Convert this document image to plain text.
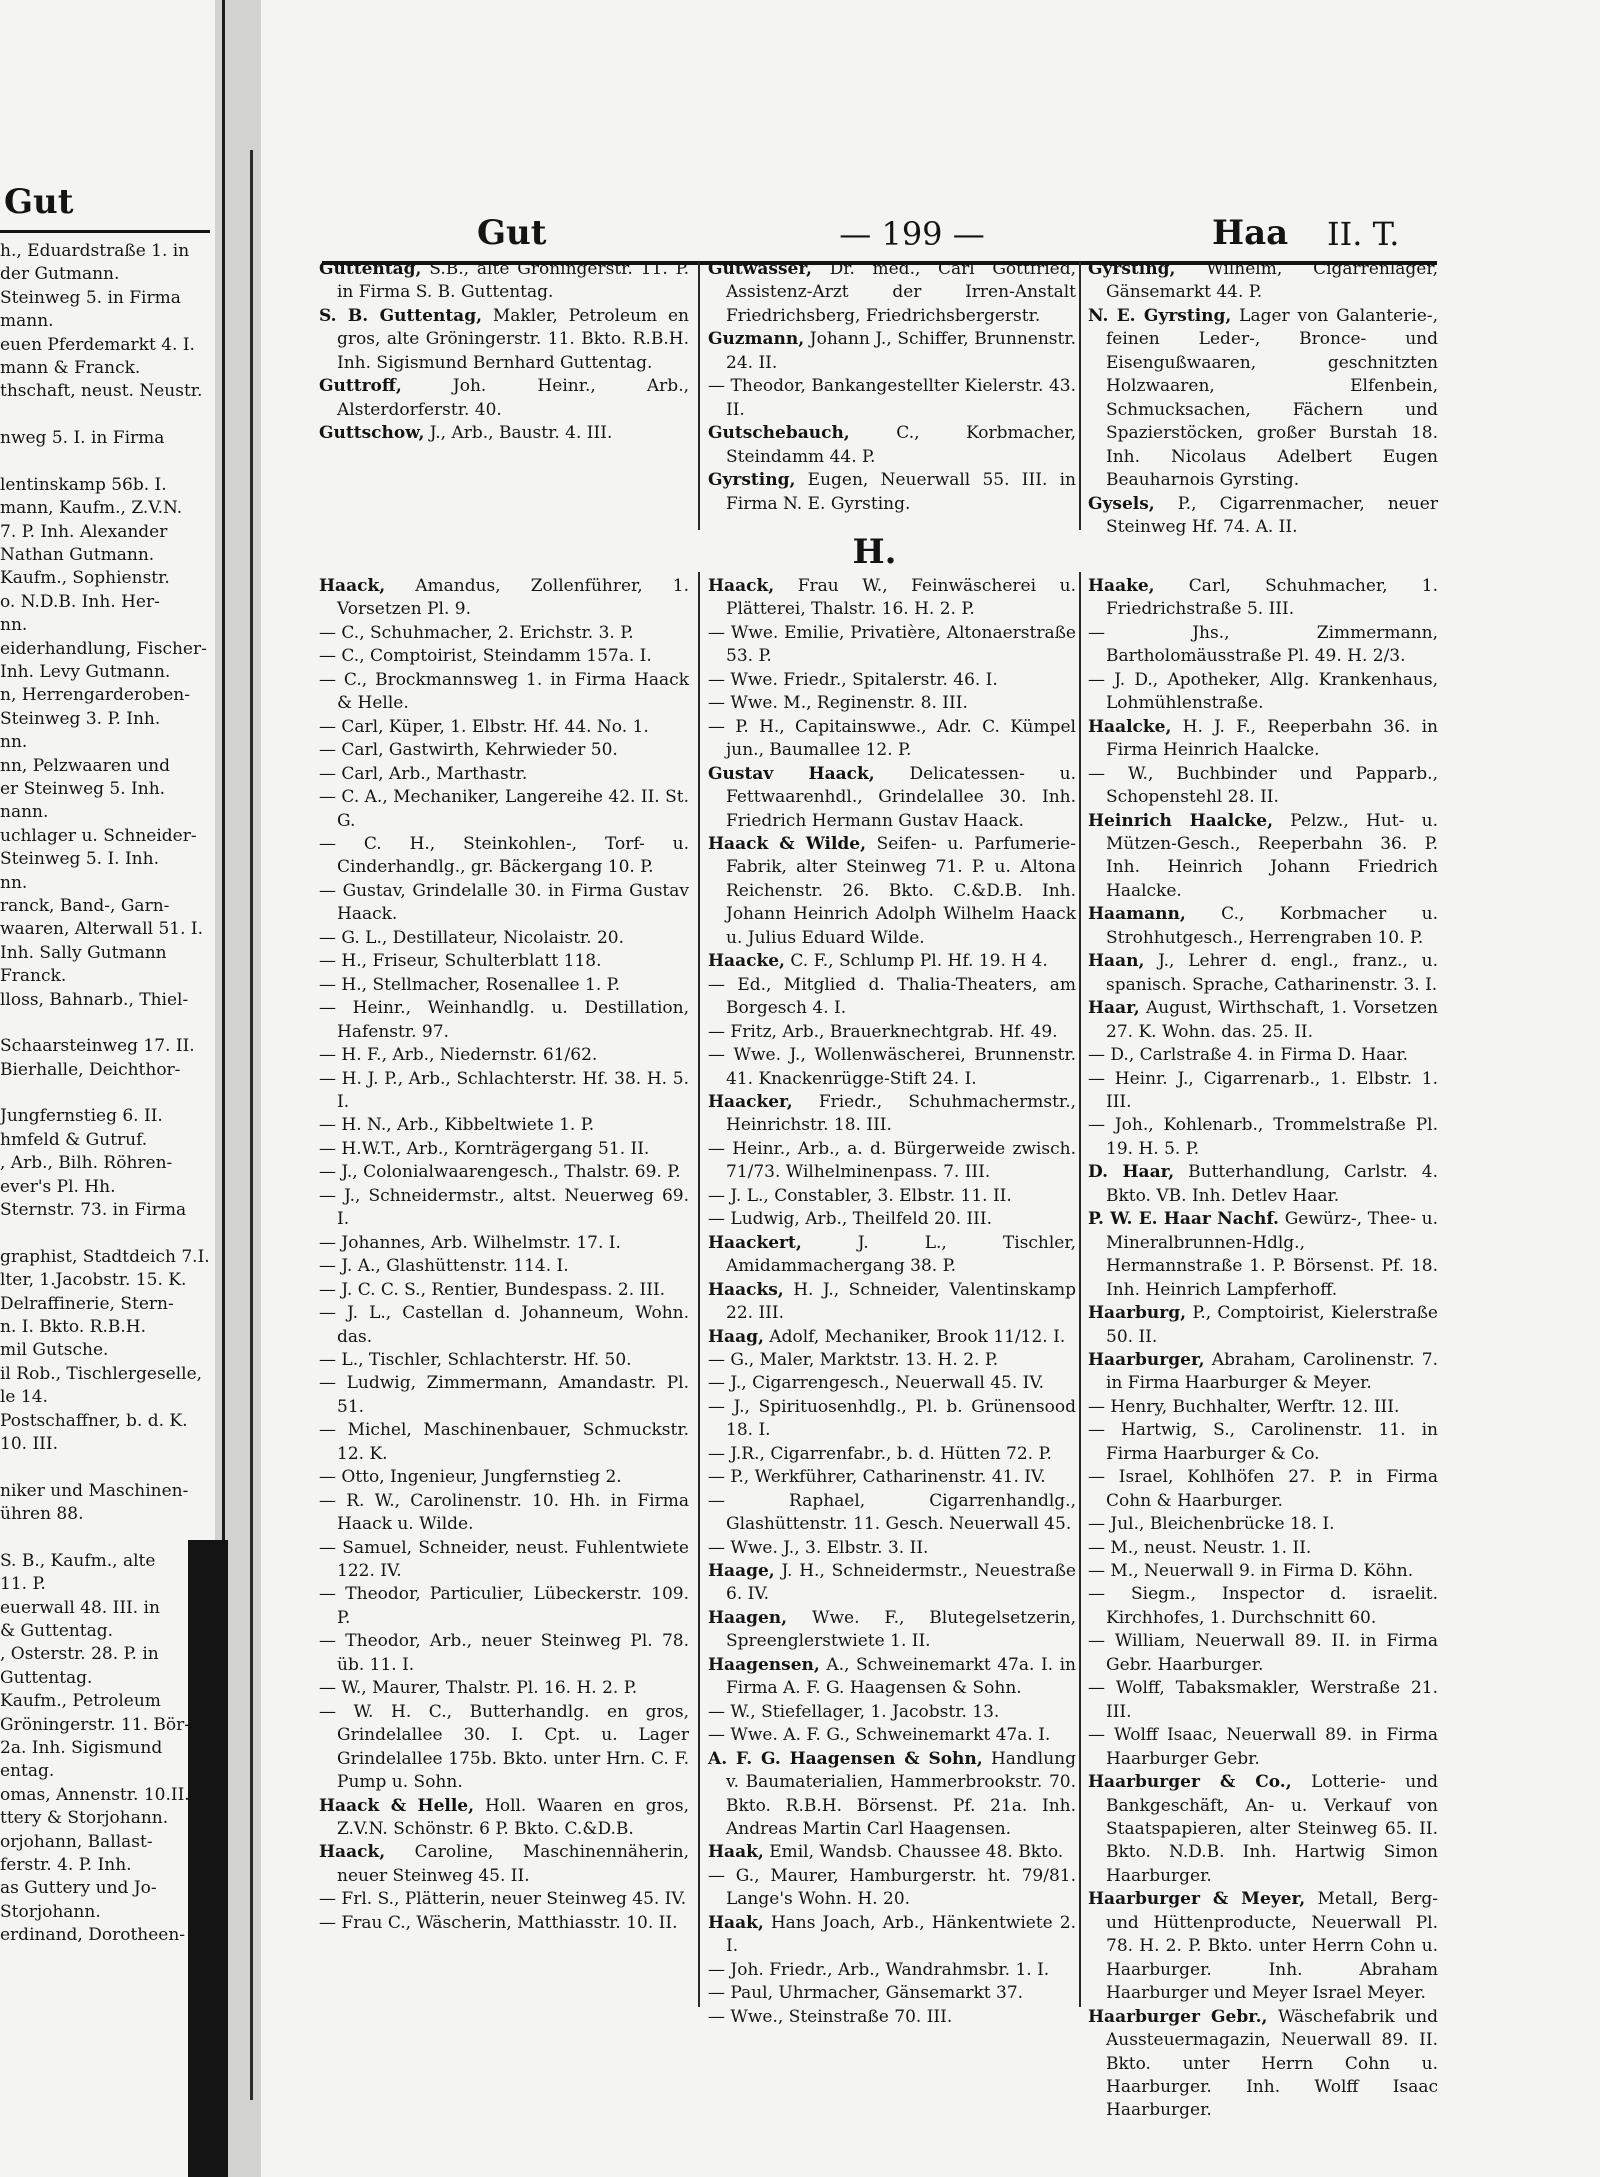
Gut
h., Eduardstraße 1. in
der Gutmann.
Steinweg 5. in Firma
mann.
euen Pferdemarkt 4. I.
mann & Franck.
thschaft, neust. Neustr.
nweg 5. I. in Firma
lentinskamp 56b. I.
mann, Kaufm., Z.V.N.
7. P. Inh. Alexander
Nathan Gutmann.
Kaufm., Sophienstr.
o. N.D.B. Inh. Her-
nn.
eiderhandlung, Fischer-
Inh. Levy Gutmann.
n, Herrengarderoben-
Steinweg 3. P. Inh.
nn.
nn, Pelzwaaren und
er Steinweg 5. Inh.
nann.
uchlager u. Schneider-
Steinweg 5. I. Inh.
nn.
ranck, Band-, Garn-
waaren, Alterwall 51. I.
Inh. Sally Gutmann
Franck.
lloss, Bahnarb., Thiel-
Schaarsteinweg 17. II.
Bierhalle, Deichthor-
Jungfernstieg 6. II.
hmfeld & Gutruf.
, Arb., Bilh. Röhren-
ever's Pl. Hh.
Sternstr. 73. in Firma
graphist, Stadtdeich 7.I.
lter, 1.Jacobstr. 15. K.
Delraffinerie, Stern-
n. I. Bkto. R.B.H.
mil Gutsche.
il Rob., Tischlergeselle,
le 14.
Postschaffner, b. d. K.
10. III.
niker und Maschinen-
ühren 88.
S. B., Kaufm., alte
11. P.
euerwall 48. III. in
& Guttentag.
, Osterstr. 28. P. in
Guttentag.
Kaufm., Petroleum
Gröningerstr. 11. Bör-
2a. Inh. Sigismund
entag.
omas, Annenstr. 10.II.
ttery & Storjohann.
orjohann, Ballast-
ferstr. 4. P. Inh.
as Guttery und Jo-
Storjohann.
erdinand, Dorotheen-
Gut	— 199 —	Haa II. T.
Guttentag, S.B., alte Gröningerstr. 11. P. in Firma S. B. Guttentag.
S. B. Guttentag, Makler, Petroleum en gros, alte Gröningerstr. 11. Bkto. R.B.H. Inh. Sigismund Bernhard Guttentag.
Guttroff, Joh. Heinr., Arb., Alsterdorferstr. 40.
Guttschow, J., Arb., Baustr. 4. III.
Gutwasser, Dr. med., Carl Gottfried, Assistenz-Arzt der Irren-Anstalt Friedrichsberg, Friedrichsbergerstr.
Guzmann, Johann J., Schiffer, Brunnenstr. 24. II.
— Theodor, Bankangestellter Kielerstr. 43. II.
Gutschebauch, C., Korbmacher, Steindamm 44. P.
Gyrsting, Eugen, Neuerwall 55. III. in Firma N. E. Gyrsting.
Gyrsting, Wilhelm, Cigarrenlager, Gänsemarkt 44. P.
N. E. Gyrsting, Lager von Galanterie-, feinen Leder-, Bronce- und Eisengußwaaren, geschnitzten Holzwaaren, Elfenbein, Schmucksachen, Fächern und Spazierstöcken, großer Burstah 18. Inh. Nicolaus Adelbert Eugen Beauharnois Gyrsting.
Gysels, P., Cigarrenmacher, neuer Steinweg Hf. 74. A. II.
H.
Haack, Amandus, Zollenführer, 1. Vorsetzen Pl. 9.
— C., Schuhmacher, 2. Erichstr. 3. P.
— C., Comptoirist, Steindamm 157a. I.
— C., Brockmannsweg 1. in Firma Haack & Helle.
— Carl, Küper, 1. Elbstr. Hf. 44. No. 1.
— Carl, Gastwirth, Kehrwieder 50.
— Carl, Arb., Marthastr.
— C. A., Mechaniker, Langereihe 42. II. St. G.
— C. H., Steinkohlen-, Torf- u. Cinderhandlg., gr. Bäckergang 10. P.
— Gustav, Grindelalle 30. in Firma Gustav Haack.
— G. L., Destillateur, Nicolaistr. 20.
— H., Friseur, Schulterblatt 118.
— H., Stellmacher, Rosenallee 1. P.
— Heinr., Weinhandlg. u. Destillation, Hafenstr. 97.
— H. F., Arb., Niedernstr. 61/62.
— H. J. P., Arb., Schlachterstr. Hf. 38. H. 5. I.
— H. N., Arb., Kibbeltwiete 1. P.
— H.W.T., Arb., Kornträgergang 51. II.
— J., Colonialwaarengesch., Thalstr. 69. P.
— J., Schneidermstr., altst. Neuerweg 69. I.
— Johannes, Arb. Wilhelmstr. 17. I.
— J. A., Glashüttenstr. 114. I.
— J. C. C. S., Rentier, Bundespass. 2. III.
— J. L., Castellan d. Johanneum, Wohn. das.
— L., Tischler, Schlachterstr. Hf. 50.
— Ludwig, Zimmermann, Amandastr. Pl. 51.
— Michel, Maschinenbauer, Schmuckstr. 12. K.
— Otto, Ingenieur, Jungfernstieg 2.
— R. W., Carolinenstr. 10. Hh. in Firma Haack u. Wilde.
— Samuel, Schneider, neust. Fuhlentwiete 122. IV.
— Theodor, Particulier, Lübeckerstr. 109. P.
— Theodor, Arb., neuer Steinweg Pl. 78. üb. 11. I.
— W., Maurer, Thalstr. Pl. 16. H. 2. P.
— W. H. C., Butterhandlg. en gros, Grindelallee 30. I. Cpt. u. Lager Grindelallee 175b. Bkto. unter Hrn. C. F. Pump u. Sohn.
Haack & Helle, Holl. Waaren en gros, Z.V.N. Schönstr. 6 P. Bkto. C.&D.B.
Haack, Caroline, Maschinennäherin, neuer Steinweg 45. II.
— Frl. S., Plätterin, neuer Steinweg 45. IV.
— Frau C., Wäscherin, Matthiasstr. 10. II.
Haack, Frau W., Feinwäscherei u. Plätterei, Thalstr. 16. H. 2. P.
— Wwe. Emilie, Privatière, Altonaerstraße 53. P.
— Wwe. Friedr., Spitalerstr. 46. I.
— Wwe. M., Reginenstr. 8. III.
— P. H., Capitainswwe., Adr. C. Kümpel jun., Baumallee 12. P.
Gustav Haack, Delicatessen- u. Fettwaarenhdl., Grindelallee 30. Inh. Friedrich Hermann Gustav Haack.
Haack & Wilde, Seifen- u. Parfumerie-Fabrik, alter Steinweg 71. P. u. Altona Reichenstr. 26. Bkto. C.&D.B. Inh. Johann Heinrich Adolph Wilhelm Haack u. Julius Eduard Wilde.
Haacke, C. F., Schlump Pl. Hf. 19. H 4.
— Ed., Mitglied d. Thalia-Theaters, am Borgesch 4. I.
— Fritz, Arb., Brauerknechtgrab. Hf. 49.
— Wwe. J., Wollenwäscherei, Brunnenstr. 41. Knackenrügge-Stift 24. I.
Haacker, Friedr., Schuhmachermstr., Heinrichstr. 18. III.
— Heinr., Arb., a. d. Bürgerweide zwisch. 71/73. Wilhelminenpass. 7. III.
— J. L., Constabler, 3. Elbstr. 11. II.
— Ludwig, Arb., Theilfeld 20. III.
Haackert, J. L., Tischler, Amidammachergang 38. P.
Haacks, H. J., Schneider, Valentinskamp 22. III.
Haag, Adolf, Mechaniker, Brook 11/12. I.
— G., Maler, Marktstr. 13. H. 2. P.
— J., Cigarrengesch., Neuerwall 45. IV.
— J., Spirituosenhdlg., Pl. b. Grünensood 18. I.
— J.R., Cigarrenfabr., b. d. Hütten 72. P.
— P., Werkführer, Catharinenstr. 41. IV.
— Raphael, Cigarrenhandlg., Glashüttenstr. 11. Gesch. Neuerwall 45.
— Wwe. J., 3. Elbstr. 3. II.
Haage, J. H., Schneidermstr., Neuestraße 6. IV.
Haagen, Wwe. F., Blutegelsetzerin, Spreenglerstwiete 1. II.
Haagensen, A., Schweinemarkt 47a. I. in Firma A. F. G. Haagensen & Sohn.
— W., Stiefellager, 1. Jacobstr. 13.
— Wwe. A. F. G., Schweinemarkt 47a. I.
A. F. G. Haagensen & Sohn, Handlung v. Baumaterialien, Hammerbrookstr. 70. Bkto. R.B.H. Börsenst. Pf. 21a. Inh. Andreas Martin Carl Haagensen.
Haak, Emil, Wandsb. Chaussee 48. Bkto.
— G., Maurer, Hamburgerstr. ht. 79/81. Lange's Wohn. H. 20.
Haak, Hans Joach, Arb., Hänkentwiete 2. I.
— Joh. Friedr., Arb., Wandrahmsbr. 1. I.
— Paul, Uhrmacher, Gänsemarkt 37.
— Wwe., Steinstraße 70. III.
Haake, Carl, Schuhmacher, 1. Friedrichstraße 5. III.
— Jhs., Zimmermann, Bartholomäusstraße Pl. 49. H. 2/3.
— J. D., Apotheker, Allg. Krankenhaus, Lohmühlenstraße.
Haalcke, H. J. F., Reeperbahn 36. in Firma Heinrich Haalcke.
— W., Buchbinder und Papparb., Schopenstehl 28. II.
Heinrich Haalcke, Pelzw., Hut- u. Mützen-Gesch., Reeperbahn 36. P. Inh. Heinrich Johann Friedrich Haalcke.
Haamann, C., Korbmacher u. Strohhutgesch., Herrengraben 10. P.
Haan, J., Lehrer d. engl., franz., u. spanisch. Sprache, Catharinenstr. 3. I.
Haar, August, Wirthschaft, 1. Vorsetzen 27. K. Wohn. das. 25. II.
— D., Carlstraße 4. in Firma D. Haar.
— Heinr. J., Cigarrenarb., 1. Elbstr. 1. III.
— Joh., Kohlenarb., Trommelstraße Pl. 19. H. 5. P.
D. Haar, Butterhandlung, Carlstr. 4. Bkto. VB. Inh. Detlev Haar.
P. W. E. Haar Nachf. Gewürz-, Thee- u. Mineralbrunnen-Hdlg., Hermannstraße 1. P. Börsenst. Pf. 18. Inh. Heinrich Lampferhoff.
Haarburg, P., Comptoirist, Kielerstraße 50. II.
Haarburger, Abraham, Carolinenstr. 7. in Firma Haarburger & Meyer.
— Henry, Buchhalter, Werftr. 12. III.
— Hartwig, S., Carolinenstr. 11. in Firma Haarburger & Co.
— Israel, Kohlhöfen 27. P. in Firma Cohn & Haarburger.
— Jul., Bleichenbrücke 18. I.
— M., neust. Neustr. 1. II.
— M., Neuerwall 9. in Firma D. Köhn.
— Siegm., Inspector d. israelit. Kirchhofes, 1. Durchschnitt 60.
— William, Neuerwall 89. II. in Firma Gebr. Haarburger.
— Wolff, Tabaksmakler, Werstraße 21. III.
— Wolff Isaac, Neuerwall 89. in Firma Haarburger Gebr.
Haarburger & Co., Lotterie- und Bankgeschäft, An- u. Verkauf von Staatspapieren, alter Steinweg 65. II. Bkto. N.D.B. Inh. Hartwig Simon Haarburger.
Haarburger & Meyer, Metall, Berg- und Hüttenproducte, Neuerwall Pl. 78. H. 2. P. Bkto. unter Herrn Cohn u. Haarburger. Inh. Abraham Haarburger und Meyer Israel Meyer.
Haarburger Gebr., Wäschefabrik und Aussteuermagazin, Neuerwall 89. II. Bkto. unter Herrn Cohn u. Haarburger. Inh. Wolff Isaac Haarburger.
